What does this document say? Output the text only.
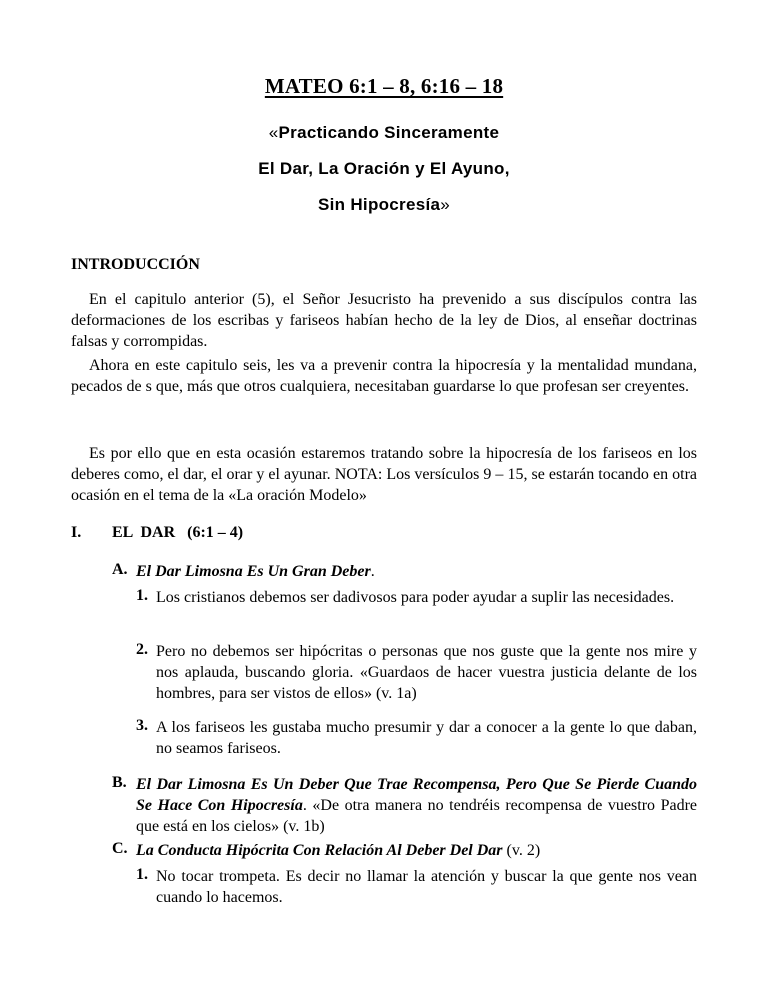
MATEO 6:1 – 8, 6:16 – 18
«Practicando Sinceramente
El Dar, La Oración y El Ayuno,
Sin Hipocresía»
INTRODUCCIÓN

En el capitulo anterior (5), el Señor Jesucristo ha prevenido a sus discípulos contra las deformaciones de los escribas y fariseos habían hecho de la ley de Dios, al enseñar doctrinas falsas y corrompidas.

Ahora en este capitulo seis, les va a prevenir contra la hipocresía y la mentalidad mundana, pecados de s que, más que otros cualquiera, necesitaban guardarse lo que profesan ser creyentes.

Es por ello que en esta ocasión estaremos tratando sobre la hipocresía de los fariseos en los deberes como, el dar, el orar y el ayunar. NOTA: Los versículos 9 – 15, se estarán tocando en otra ocasión en el tema de la «La oración Modelo»

I. EL  DAR   (6:1 – 4)
A. El Dar Limosna Es Un Gran Deber.

1. Los cristianos debemos ser dadivosos para poder ayudar a suplir las necesidades.

2. Pero no debemos ser hipócritas o personas que nos guste que la gente nos mire y nos aplauda, buscando gloria. «Guardaos de hacer vuestra justicia delante de los hombres, para ser vistos de ellos» (v. 1a)

3. A los fariseos les gustaba mucho presumir y dar a conocer a la gente lo que daban, no seamos fariseos.

B. El Dar Limosna Es Un Deber Que Trae Recompensa, Pero Que Se Pierde Cuando Se Hace Con Hipocresía. «De otra manera no tendréis recompensa de vuestro Padre que está en los cielos» (v. 1b)

C. La Conducta Hipócrita Con Relación Al Deber Del Dar (v. 2)

1. No tocar trompeta. Es decir no llamar la atención y buscar la que gente nos vean cuando lo hacemos.
